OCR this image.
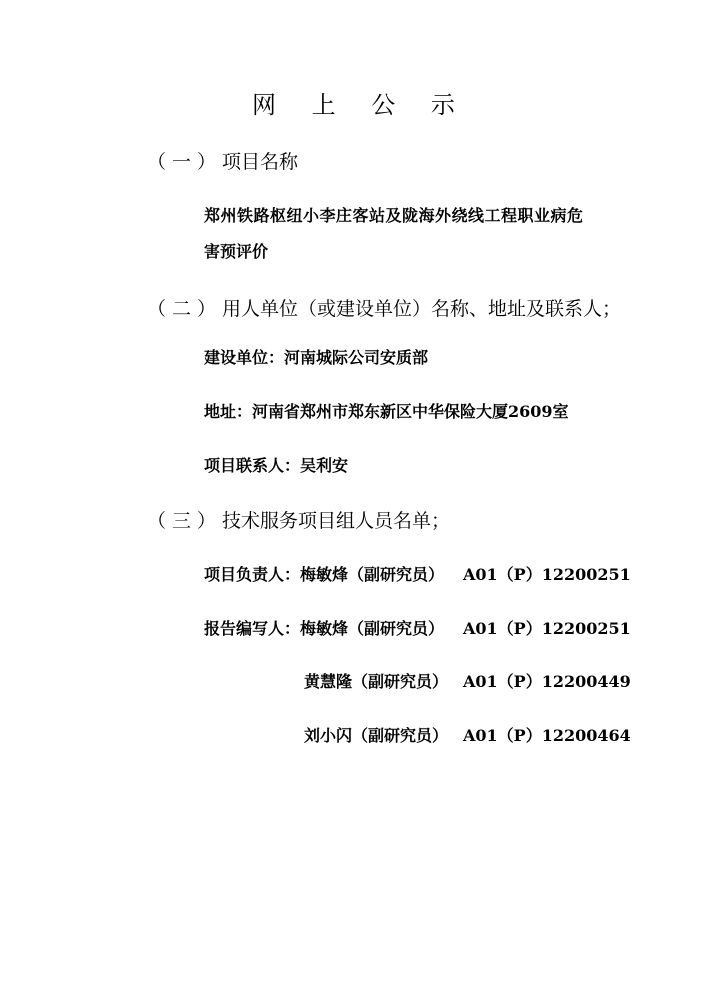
网 上 公 示
（一）项目名称
郑州铁路枢纽小李庄客站及陇海外绕线工程职业病危
害预评价
（二）用人单位（或建设单位）名称、地址及联系人；
建设单位：河南城际公司安质部
地址：河南省郑州市郑东新区中华保险大厦2609室
项目联系人：吴利安
（三）技术服务项目组人员名单；
项目负责人：梅敏烽（副研究员） A01（P）12200251
报告编写人：梅敏烽（副研究员） A01（P）12200251
黄慧隆（副研究员） A01（P）12200449
刘小闪（副研究员） A01（P）12200464
